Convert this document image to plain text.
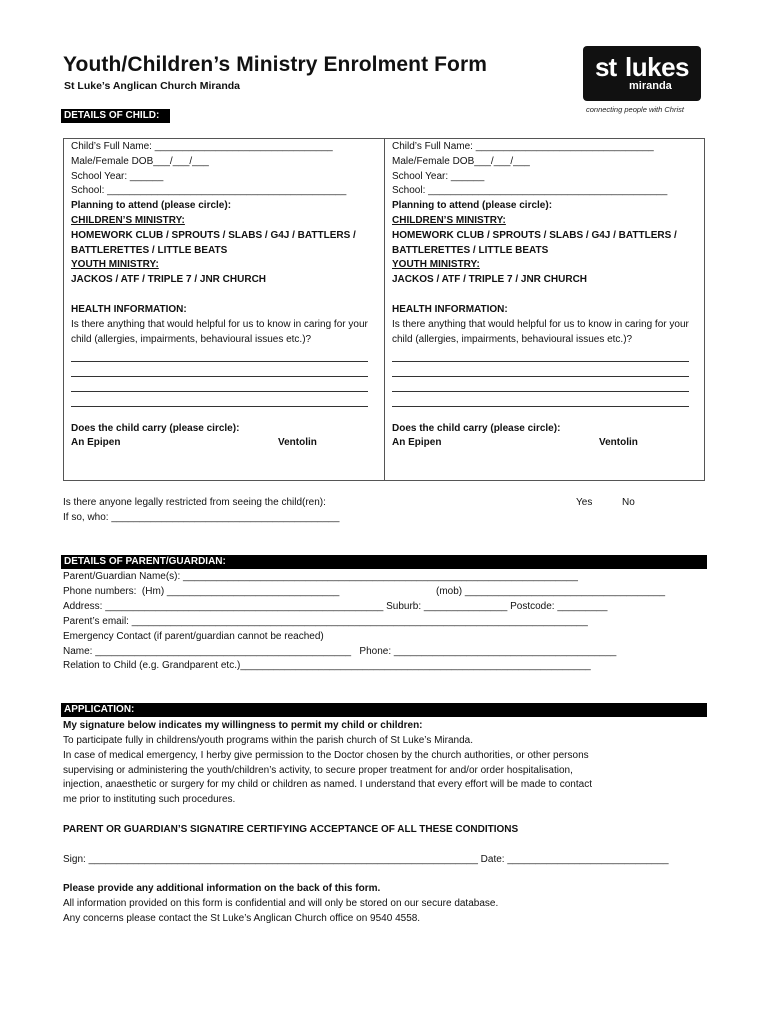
Youth/Children’s Ministry Enrolment Form
St Luke’s Anglican Church Miranda
st lukes
miranda
connecting people with Christ
DETAILS OF CHILD:
Child’s Full Name: ________________________________
Male/Female DOB___/___/___
School Year: ______
School: ___________________________________________
Planning to attend (please circle):
CHILDREN’S MINISTRY:
HOMEWORK CLUB / SPROUTS / SLABS / G4J / BATTLERS / BATTLERETTES / LITTLE BEATS
YOUTH MINISTRY:
JACKOS / ATF / TRIPLE 7 / JNR CHURCH
HEALTH INFORMATION:
Is there anything that would helpful for us to know in caring for your child (allergies, impairments, behavioural issues etc.)?
Does the child carry (please circle):
An Epipen	Ventolin
Child’s Full Name: ________________________________
Male/Female DOB___/___/___
School Year: ______
School: ___________________________________________
Planning to attend (please circle):
CHILDREN’S MINISTRY:
HOMEWORK CLUB / SPROUTS / SLABS / G4J / BATTLERS / BATTLERETTES / LITTLE BEATS
YOUTH MINISTRY:
JACKOS / ATF / TRIPLE 7 / JNR CHURCH
HEALTH INFORMATION:
Is there anything that would helpful for us to know in caring for your child (allergies, impairments, behavioural issues etc.)?
Does the child carry (please circle):
An Epipen	Ventolin
Is there anyone legally restricted from seeing the child(ren):	Yes	No
If so, who: _________________________________________
DETAILS OF PARENT/GUARDIAN:
Parent/Guardian Name(s): _______________________________________________________________________
Phone numbers:  (Hm) _______________________________	(mob) ____________________________________
Address: __________________________________________________ Suburb: _______________ Postcode: _________
Parent’s email: __________________________________________________________________________________
Emergency Contact (if parent/guardian cannot be reached)
Name: ______________________________________________   Phone: ________________________________________
Relation to Child (e.g. Grandparent etc.)_______________________________________________________________
APPLICATION:
My signature below indicates my willingness to permit my child or children:
To participate fully in childrens/youth programs within the parish church of St Luke’s Miranda.
In case of medical emergency, I herby give permission to the Doctor chosen by the church authorities, or other persons
supervising or administering the youth/children’s activity, to secure proper treatment for and/or order hospitalisation,
injection, anaesthetic or surgery for my child or children as named. I understand that every effort will be made to contact
me prior to instituting such procedures.
PARENT OR GUARDIAN’S SIGNATIRE CERTIFYING ACCEPTANCE OF ALL THESE CONDITIONS
Sign: ______________________________________________________________________ Date: _____________________________
Please provide any additional information on the back of this form.
All information provided on this form is confidential and will only be stored on our secure database.
Any concerns please contact the St Luke’s Anglican Church office on 9540 4558.
